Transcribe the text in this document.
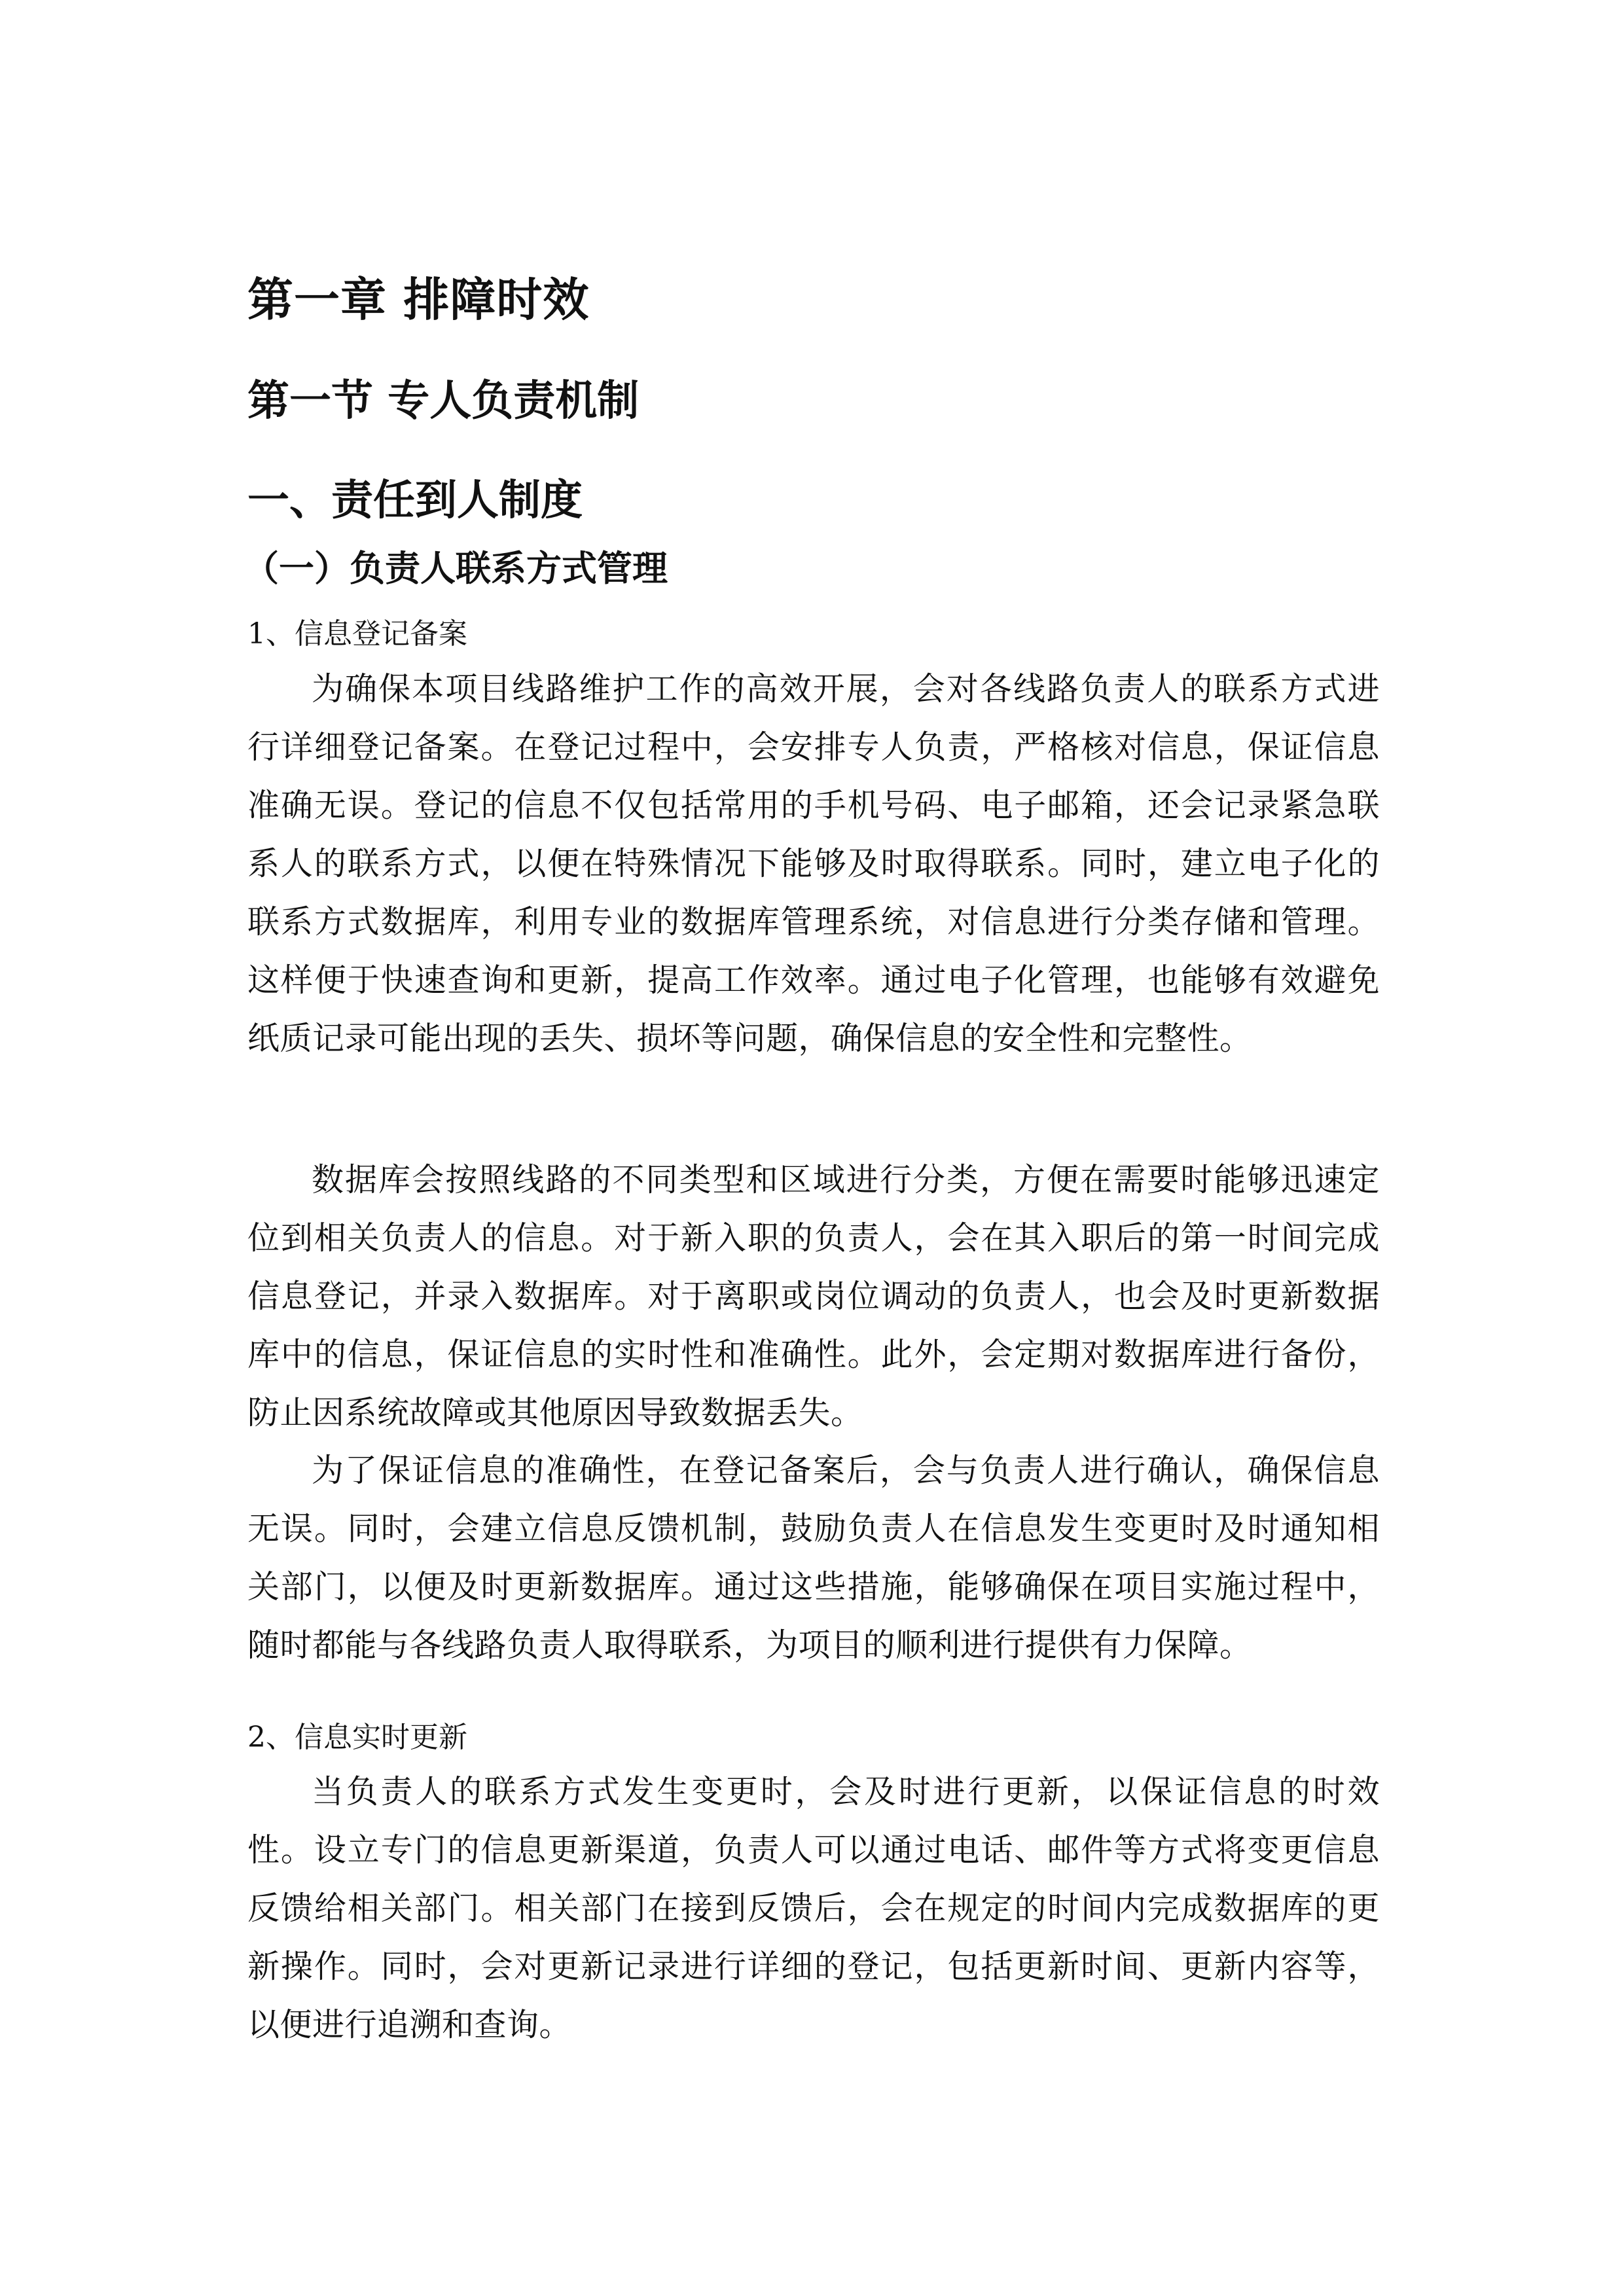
第一章 排障时效
第一节 专人负责机制
一、责任到人制度
（一）负责人联系方式管理

1、信息登记备案

为确保本项目线路维护工作的高效开展，会对各线路负责人的联系方式进行详细登记备案。在登记过程中，会安排专人负责，严格核对信息，保证信息准确无误。登记的信息不仅包括常用的手机号码、电子邮箱，还会记录紧急联系人的联系方式，以便在特殊情况下能够及时取得联系。同时，建立电子化的联系方式数据库，利用专业的数据库管理系统，对信息进行分类存储和管理。这样便于快速查询和更新，提高工作效率。通过电子化管理，也能够有效避免纸质记录可能出现的丢失、损坏等问题，确保信息的安全性和完整性。

数据库会按照线路的不同类型和区域进行分类，方便在需要时能够迅速定位到相关负责人的信息。对于新入职的负责人，会在其入职后的第一时间完成信息登记，并录入数据库。对于离职或岗位调动的负责人，也会及时更新数据库中的信息，保证信息的实时性和准确性。此外，会定期对数据库进行备份，防止因系统故障或其他原因导致数据丢失。

为了保证信息的准确性，在登记备案后，会与负责人进行确认，确保信息无误。同时，会建立信息反馈机制，鼓励负责人在信息发生变更时及时通知相关部门，以便及时更新数据库。通过这些措施，能够确保在项目实施过程中，随时都能与各线路负责人取得联系，为项目的顺利进行提供有力保障。

2、信息实时更新

当负责人的联系方式发生变更时，会及时进行更新，以保证信息的时效性。设立专门的信息更新渠道，负责人可以通过电话、邮件等方式将变更信息反馈给相关部门。相关部门在接到反馈后，会在规定的时间内完成数据库的更新操作。同时，会对更新记录进行详细的登记，包括更新时间、更新内容等，以便进行追溯和查询。
